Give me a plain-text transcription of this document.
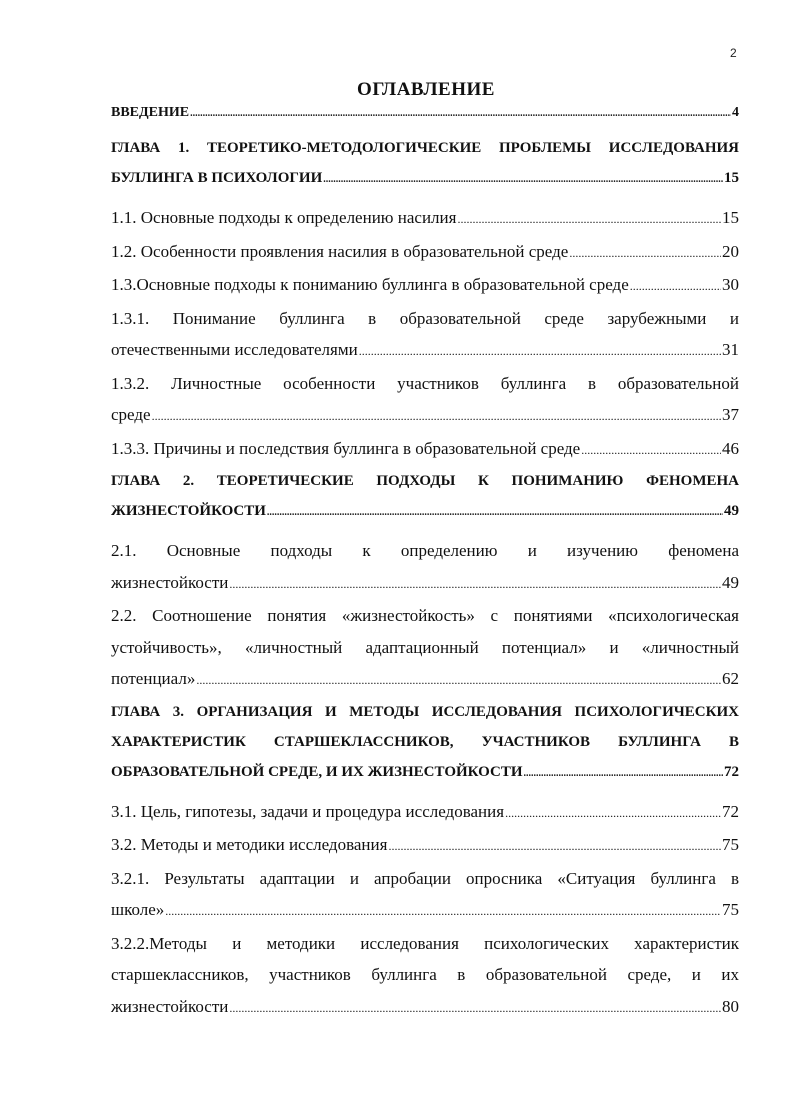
2
ОГЛАВЛЕНИЕ
ВВЕДЕНИЕ .....	4
ГЛАВА 1. ТЕОРЕТИКО-МЕТОДОЛОГИЧЕСКИЕ ПРОБЛЕМЫ ИССЛЕДОВАНИЯ
БУЛЛИНГА В ПСИХОЛОГИИ .....	15
1.1. Основные подходы к определению насилия .....	15
1.2. Особенности проявления насилия в образовательной среде .....	20
1.3.Основные подходы к пониманию буллинга в образовательной среде .....	30
1.3.1. Понимание буллинга в образовательной среде зарубежными и
отечественными исследователями .....	31
1.3.2. Личностные особенности участников буллинга в образовательной
среде .....	37
1.3.3. Причины и последствия буллинга в образовательной среде .....	46
ГЛАВА 2. ТЕОРЕТИЧЕСКИЕ ПОДХОДЫ К ПОНИМАНИЮ ФЕНОМЕНА
ЖИЗНЕСТОЙКОСТИ .....	49
2.1. Основные подходы к определению и изучению феномена
жизнестойкости .....	49
2.2. Соотношение понятия «жизнестойкость» с понятиями «психологическая
устойчивость», «личностный адаптационный потенциал» и «личностный
потенциал» .....	62
ГЛАВА 3. ОРГАНИЗАЦИЯ И МЕТОДЫ ИССЛЕДОВАНИЯ ПСИХОЛОГИЧЕСКИХ
ХАРАКТЕРИСТИК СТАРШЕКЛАССНИКОВ, УЧАСТНИКОВ БУЛЛИНГА В
ОБРАЗОВАТЕЛЬНОЙ СРЕДЕ, И ИХ ЖИЗНЕСТОЙКОСТИ .....	72
3.1. Цель, гипотезы, задачи и процедура исследования .....	72
3.2. Методы и методики исследования .....	75
3.2.1. Результаты адаптации и апробации опросника «Ситуация буллинга в
школе» .....	75
3.2.2.Методы и методики исследования психологических характеристик
старшеклассников, участников буллинга в образовательной среде, и их
жизнестойкости .....	80
